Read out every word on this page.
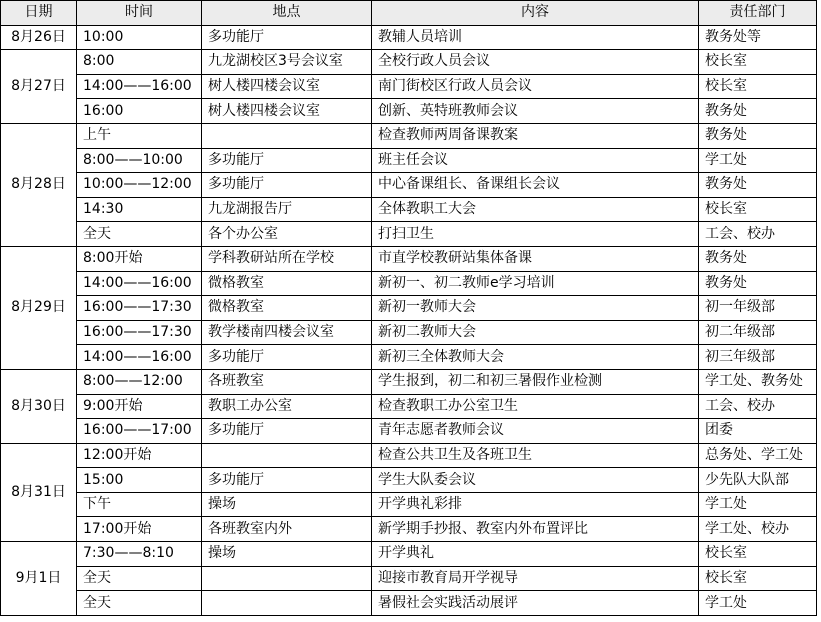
日期	时间	地点	内容	责任部门
8月26日	10:00	多功能厅	教辅人员培训	教务处等
8月27日	8:00	九龙湖校区3号会议室	全校行政人员会议	校长室
	14:00——16:00	树人楼四楼会议室	南门街校区行政人员会议	校长室
	16:00	树人楼四楼会议室	创新、英特班教师会议	教务处
8月28日	上午		检查教师两周备课教案	教务处
	8:00——10:00	多功能厅	班主任会议	学工处
	10:00——12:00	多功能厅	中心备课组长、备课组长会议	教务处
	14:30	九龙湖报告厅	全体教职工大会	校长室
	全天	各个办公室	打扫卫生	工会、校办
8月29日	8:00开始	学科教研站所在学校	市直学校教研站集体备课	教务处
	14:00——16:00	微格教室	新初一、初二教师e学习培训	教务处
	16:00——17:30	微格教室	新初一教师大会	初一年级部
	16:00——17:30	教学楼南四楼会议室	新初二教师大会	初二年级部
	14:00——16:00	多功能厅	新初三全体教师大会	初三年级部
8月30日	8:00——12:00	各班教室	学生报到，初二和初三暑假作业检测	学工处、教务处
	9:00开始	教职工办公室	检查教职工办公室卫生	工会、校办
	16:00——17:00	多功能厅	青年志愿者教师会议	团委
8月31日	12:00开始		检查公共卫生及各班卫生	总务处、学工处
	15:00	多功能厅	学生大队委会议	少先队大队部
	下午	操场	开学典礼彩排	学工处
	17:00开始	各班教室内外	新学期手抄报、教室内外布置评比	学工处、校办
9月1日	7:30——8:10	操场	开学典礼	校长室
	全天		迎接市教育局开学视导	校长室
	全天		暑假社会实践活动展评	学工处
